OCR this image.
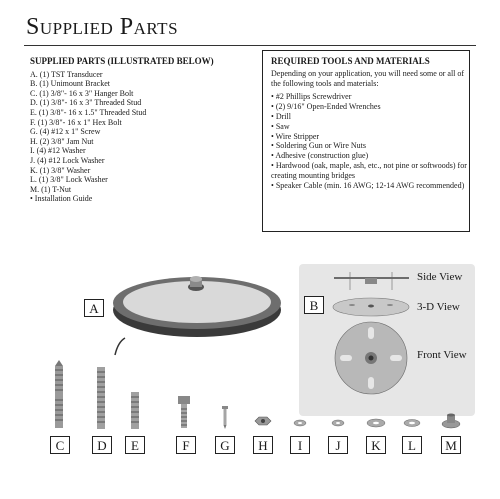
Supplied Parts
SUPPLIED PARTS (ILLUSTRATED BELOW)
A. (1) TST Transducer
B. (1) Unimount Bracket
C. (1) 3/8"- 16 x 3" Hanger Bolt
D. (1) 3/8"- 16 x 3" Threaded Stud
E. (1) 3/8"- 16 x 1.5" Threaded Stud
F. (1) 3/8"- 16 x 1" Hex Bolt
G. (4) #12 x 1" Screw
H. (2) 3/8" Jam Nut
I. (4) #12 Washer
J. (4) #12 Lock Washer
K. (1) 3/8" Washer
L. (1) 3/8" Lock Washer
M. (1) T-Nut
• Installation Guide
REQUIRED TOOLS AND MATERIALS

Depending on your application, you will need some or all of the following tools and materials:

• #2 Phillips Screwdriver
• (2) 9/16" Open-Ended Wrenches
• Drill
• Saw
• Wire Stripper
• Soldering Gun or Wire Nuts
• Adhesive (construction glue)
• Hardwood (oak, maple, ash, etc., not pine or softwoods) for creating mounting bridges
• Speaker Cable (min. 16 AWG; 12-14 AWG recommended)
A	B
Side View
3-D View
Front View
C	D	E	F	G	H	I	J	K	L	M
